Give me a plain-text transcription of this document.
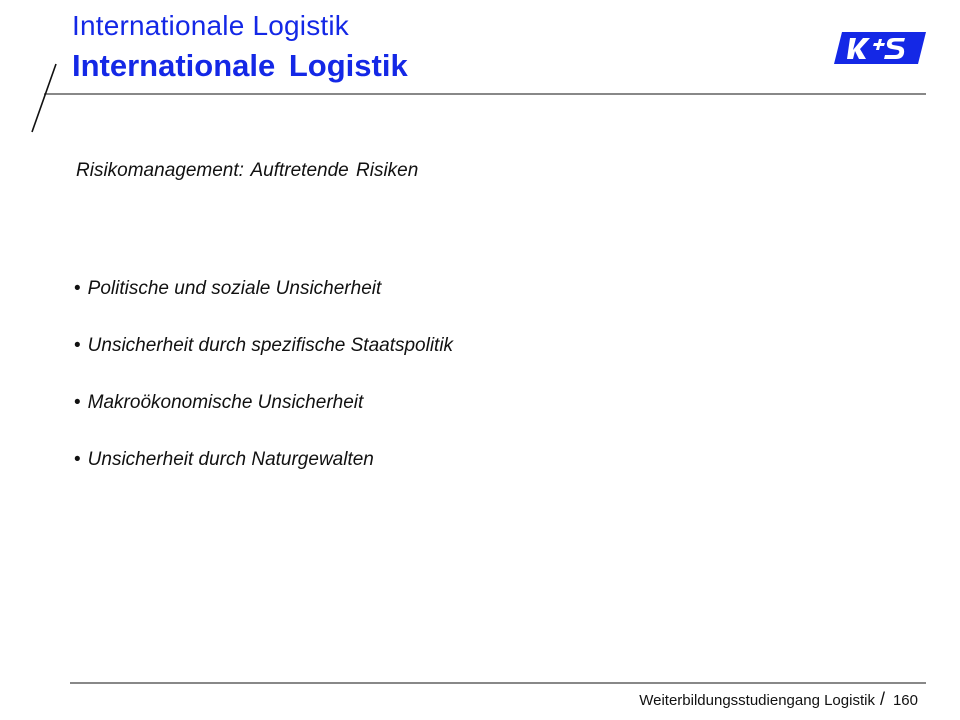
Internationale Logistik
Internationale Logistik
Risikomanagement: Auftretende Risiken
• Politische und soziale Unsicherheit
• Unsicherheit durch spezifische Staatspolitik
• Makroökonomische Unsicherheit
• Unsicherheit durch Naturgewalten
Weiterbildungsstudiengang Logistik / 160
